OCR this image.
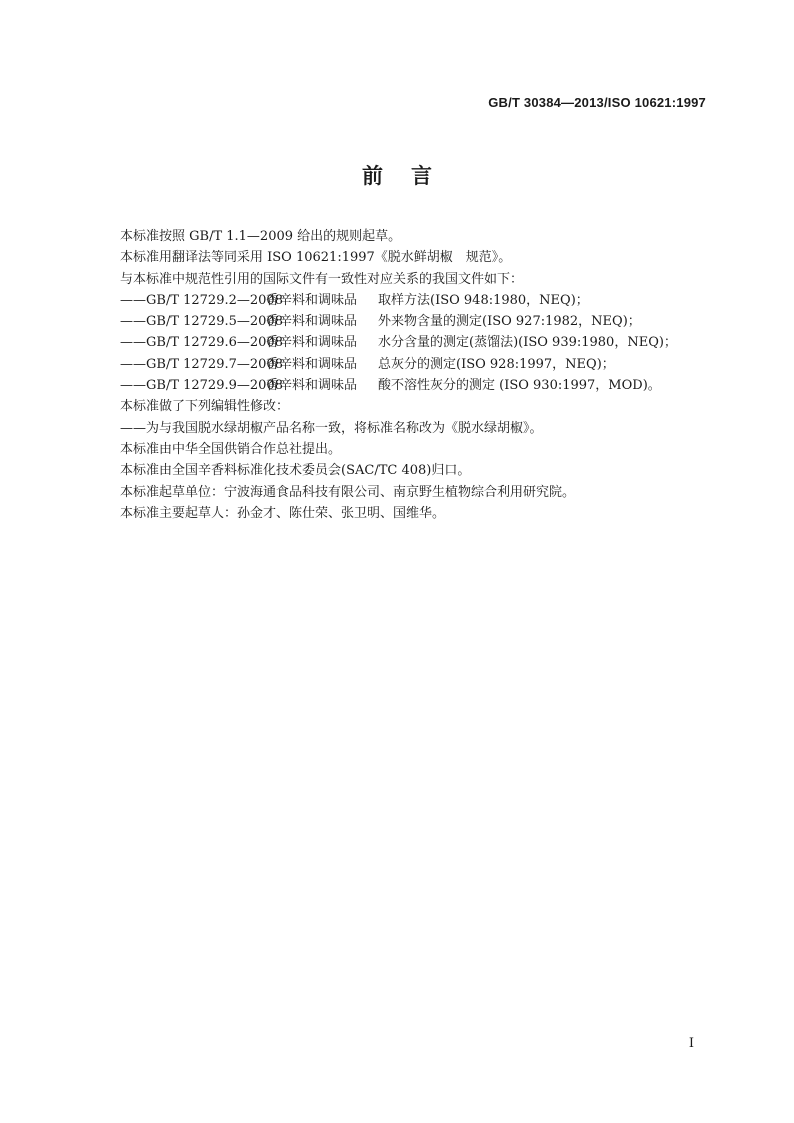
GB/T 30384—2013/ISO 10621:1997
前言
本标准按照 GB/T 1.1—2009 给出的规则起草。
本标准用翻译法等同采用 ISO 10621:1997《脱水鲜胡椒　规范》。
与本标准中规范性引用的国际文件有一致性对应关系的我国文件如下：
——GB/T 12729.2—2008香辛料和调味品 取样方法(ISO 948:1980，NEQ)；
——GB/T 12729.5—2008香辛料和调味品 外来物含量的测定(ISO 927:1982，NEQ)；
——GB/T 12729.6—2008香辛料和调味品 水分含量的测定(蒸馏法)(ISO 939:1980，NEQ)；
——GB/T 12729.7—2008香辛料和调味品 总灰分的测定(ISO 928:1997，NEQ)；
——GB/T 12729.9—2008香辛料和调味品 酸不溶性灰分的测定 (ISO 930:1997，MOD)。
本标准做了下列编辑性修改：
——为与我国脱水绿胡椒产品名称一致，将标准名称改为《脱水绿胡椒》。
本标准由中华全国供销合作总社提出。
本标准由全国辛香料标准化技术委员会(SAC/TC 408)归口。
本标准起草单位：宁波海通食品科技有限公司、南京野生植物综合利用研究院。
本标准主要起草人：孙金才、陈仕荣、张卫明、国维华。
I
